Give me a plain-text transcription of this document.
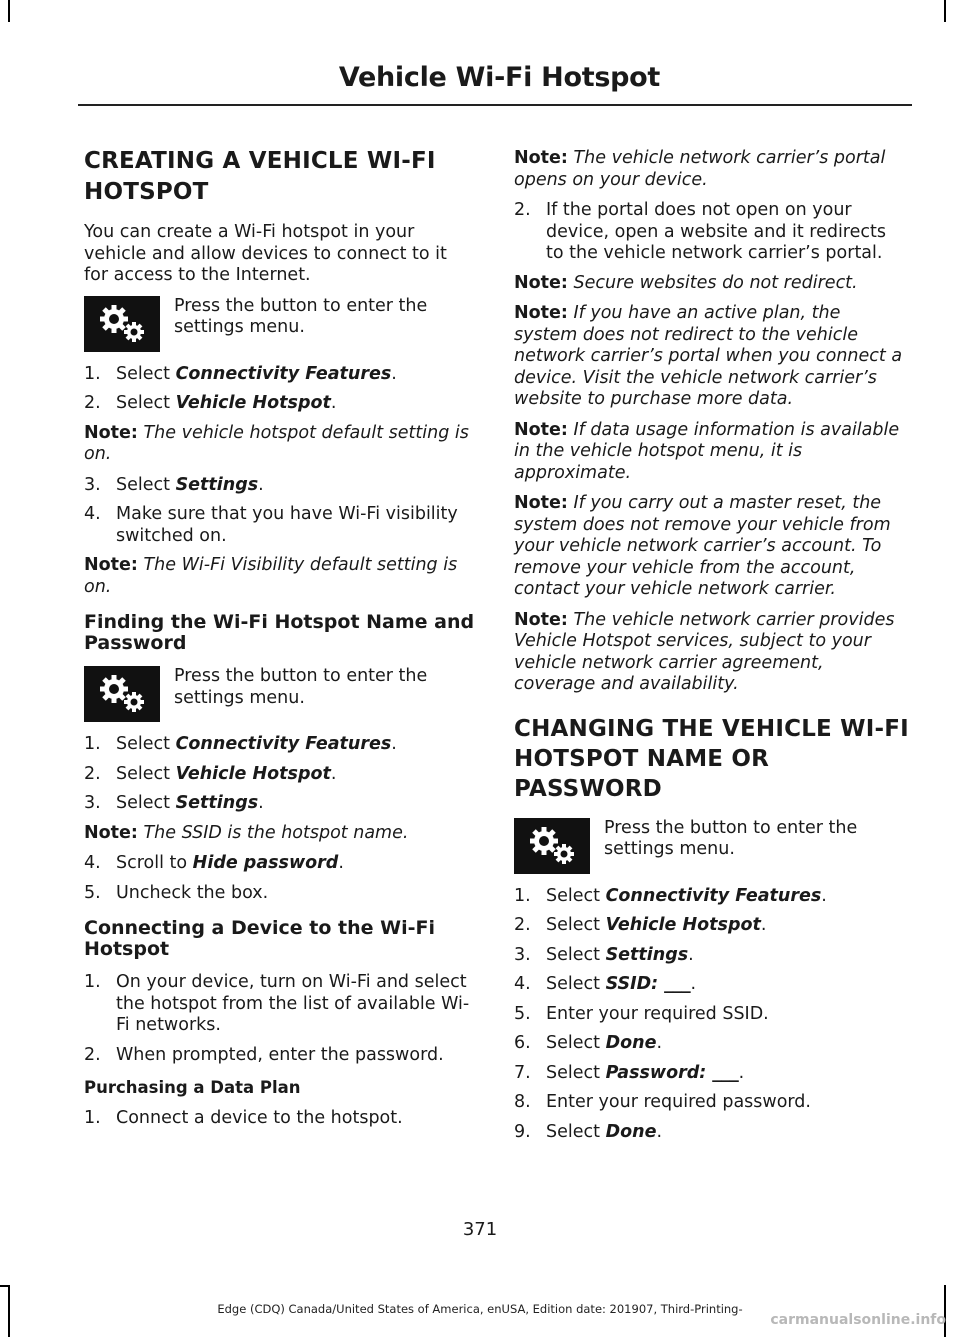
Vehicle Wi-Fi Hotspot
CREATING A VEHICLE WI-FI HOTSPOT

You can create a Wi-Fi hotspot in your vehicle and allow devices to connect to it for access to the Internet.

Press the button to enter the settings menu.
1. Select Connectivity Features.
2. Select Vehicle Hotspot.

Note: The vehicle hotspot default setting is on.

3. Select Settings.
4. Make sure that you have Wi-Fi visibility switched on.

Note: The Wi-Fi Visibility default setting is on.

Finding the Wi-Fi Hotspot Name and Password
Press the button to enter the settings menu.
1. Select Connectivity Features.
2. Select Vehicle Hotspot.
3. Select Settings.

Note: The SSID is the hotspot name.

4. Scroll to Hide password.
5. Uncheck the box.
Connecting a Device to the Wi-Fi Hotspot
1. On your device, turn on Wi-Fi and select the hotspot from the list of available Wi-Fi networks.
2. When prompted, enter the password.
Purchasing a Data Plan
1. Connect a device to the hotspot.

Note: The vehicle network carrier’s portal opens on your device.

2. If the portal does not open on your device, open a website and it redirects to the vehicle network carrier’s portal.

Note: Secure websites do not redirect.

Note: If you have an active plan, the system does not redirect to the vehicle network carrier’s portal when you connect a device. Visit the vehicle network carrier’s website to purchase more data.

Note: If data usage information is available in the vehicle hotspot menu, it is approximate.

Note: If you carry out a master reset, the system does not remove your vehicle from your vehicle network carrier’s account. To remove your vehicle from the account, contact your vehicle network carrier.

Note: The vehicle network carrier provides Vehicle Hotspot services, subject to your vehicle network carrier agreement, coverage and availability.

CHANGING THE VEHICLE WI-FI HOTSPOT NAME OR PASSWORD
Press the button to enter the settings menu.
1. Select Connectivity Features.
2. Select Vehicle Hotspot.
3. Select Settings.
4. Select SSID: ___.
5. Enter your required SSID.
6. Select Done.
7. Select Password: ___.
8. Enter your required password.
9. Select Done.
371
Edge (CDQ) Canada/United States of America, enUSA, Edition date: 201907, Third-Printing-
carmanualsonline.info
